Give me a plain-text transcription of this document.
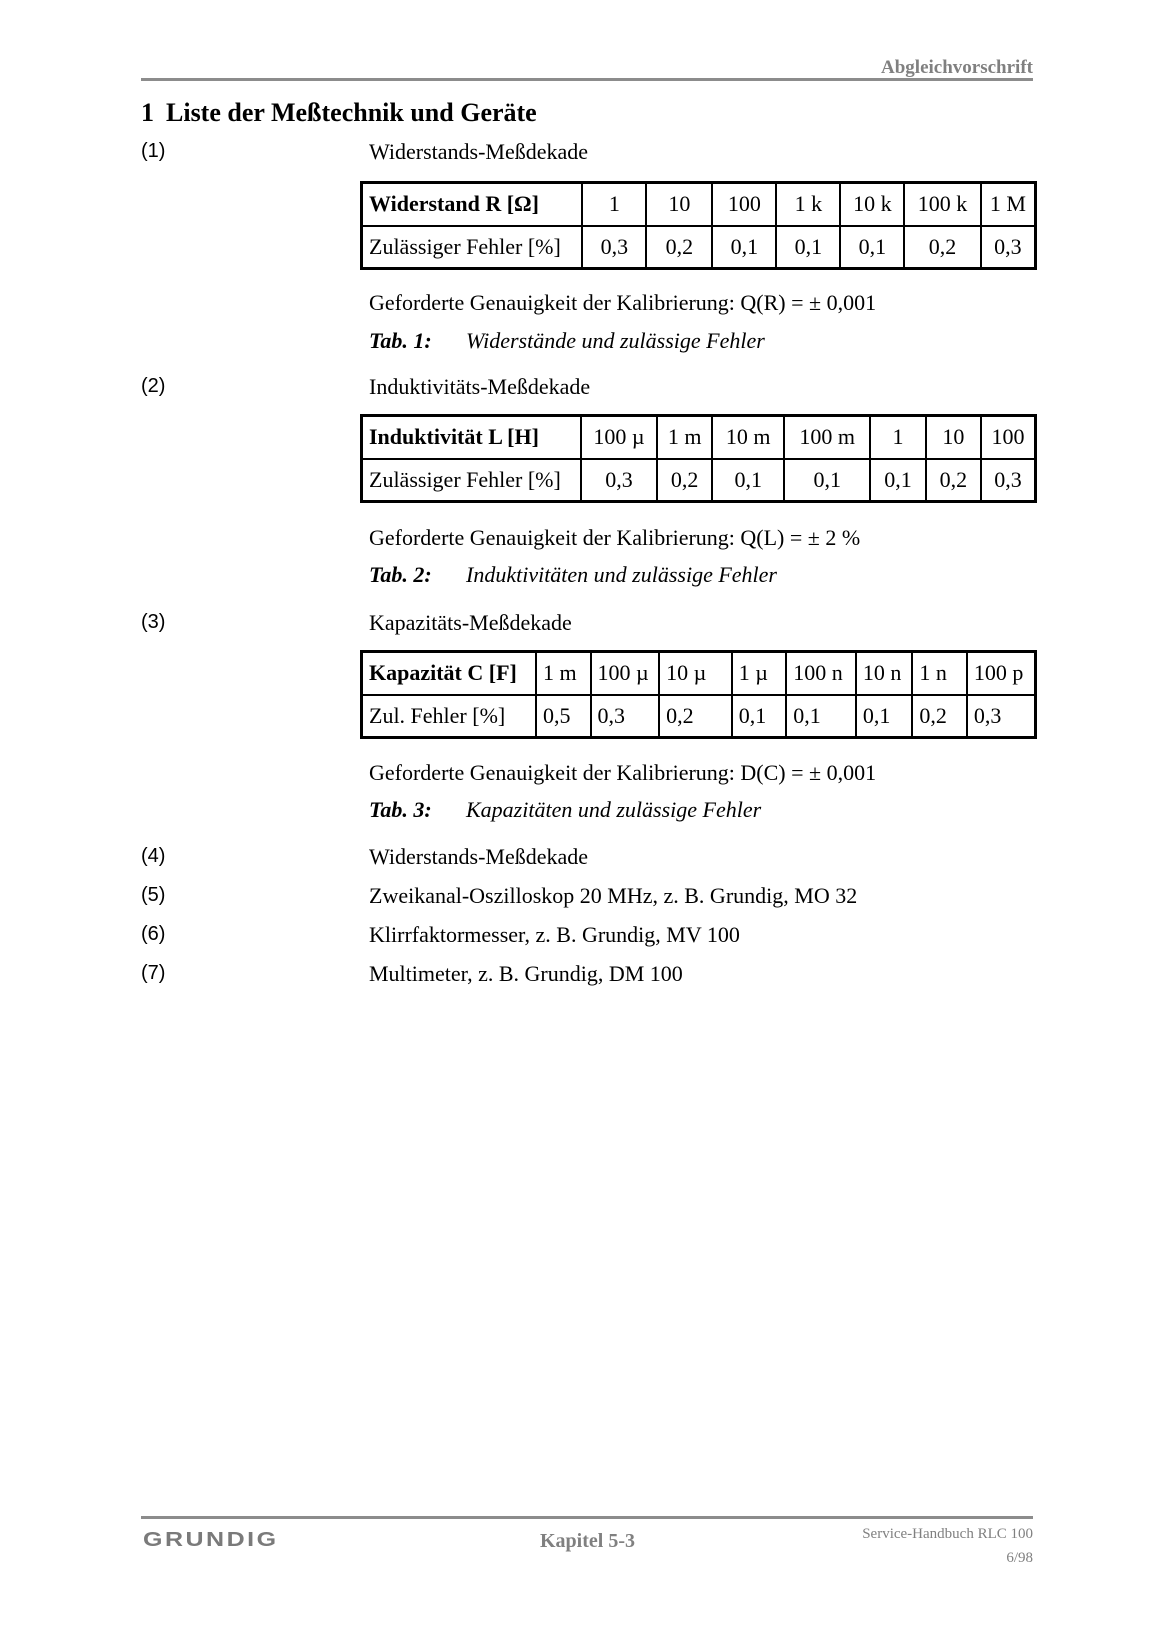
Abgleichvorschrift
1 Liste der Meßtechnik und Geräte
(1)	Widerstands-Meßdekade
Widerstand R [Ω]	1	10	100	1 k	10 k	100 k	1 M
Zulässiger Fehler [%]	0,3	0,2	0,1	0,1	0,1	0,2	0,3
Geforderte Genauigkeit der Kalibrierung: Q(R) = ± 0,001
Tab. 1: Widerstände und zulässige Fehler
(2)	Induktivitäts-Meßdekade
Induktivität L [H]	100 µ	1 m	10 m	100 m	1	10	100
Zulässiger Fehler [%]	0,3	0,2	0,1	0,1	0,1	0,2	0,3
Geforderte Genauigkeit der Kalibrierung: Q(L) = ± 2 %
Tab. 2: Induktivitäten und zulässige Fehler
(3)	Kapazitäts-Meßdekade
Kapazität C [F]	1 m	100 µ	10 µ	1 µ	100 n	10 n	1 n	100 p
Zul. Fehler [%]	0,5	0,3	0,2	0,1	0,1	0,1	0,2	0,3
Geforderte Genauigkeit der Kalibrierung: D(C) = ± 0,001
Tab. 3: Kapazitäten und zulässige Fehler
(4)	Widerstands-Meßdekade
(5)	Zweikanal-Oszilloskop 20 MHz, z. B. Grundig, MO 32
(6)	Klirrfaktormesser, z. B. Grundig, MV 100
(7)	Multimeter, z. B. Grundig, DM 100
GRUNDIG	Kapitel 5-3	Service-Handbuch RLC 100
6/98
